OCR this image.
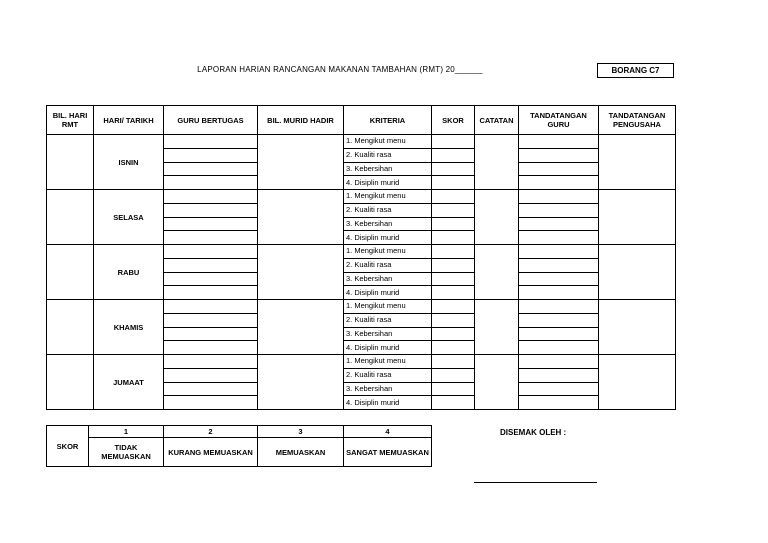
LAPORAN HARIAN RANCANGAN MAKANAN TAMBAHAN (RMT) 20______	BORANG C7
BIL. HARI RMT	HARI/ TARIKH	GURU BERTUGAS	BIL. MURID HADIR	KRITERIA	SKOR	CATATAN	TANDATANGAN GURU	TANDATANGAN PENGUSAHA
	ISNIN			1. Mengikut menu				
				2. Kualiti rasa				
				3. Kebersihan				
				4. Disiplin murid				
	SELASA			1. Mengikut menu				
				2. Kualiti rasa				
				3. Kebersihan				
				4. Disiplin murid				
	RABU			1. Mengikut menu				
				2. Kualiti rasa				
				3. Kebersihan				
				4. Disiplin murid				
	KHAMIS			1. Mengikut menu				
				2. Kualiti rasa				
				3. Kebersihan				
				4. Disiplin murid				
	JUMAAT			1. Mengikut menu				
				2. Kualiti rasa				
				3. Kebersihan				
				4. Disiplin murid				
SKOR	1	2	3	4
	TIDAK MEMUASKAN	KURANG MEMUASKAN	MEMUASKAN	SANGAT MEMUASKAN
DISEMAK OLEH :
